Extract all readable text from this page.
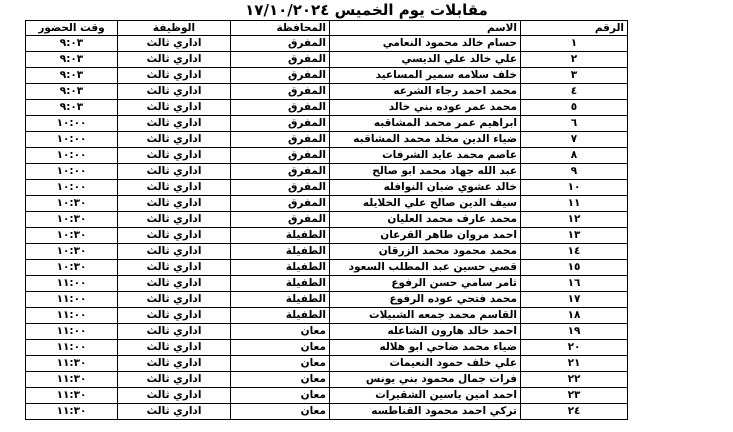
مقابلات يوم الخميس ١٧/١٠/٢٠٢٤
الرقم	الاسم	المحافظة	الوظيفة	وقت الحضور
١	حسام خالد محمود النعامي	المفرق	اداري ثالث	٩:٠٣
٢	علي خالد علي الديسي	المفرق	اداري ثالث	٩:٠٣
٣	خلف سلامه سمير المساعيد	المفرق	اداري ثالث	٩:٠٣
٤	محمد احمد رجاء الشرعه	المفرق	اداري ثالث	٩:٠٣
٥	محمد عمر عوده بني خالد	المفرق	اداري ثالث	٩:٠٣
٦	ابراهيم عمر محمد المشاقبه	المفرق	اداري ثالث	١٠:٠٠
٧	ضياء الدين مخلد محمد المشاقبه	المفرق	اداري ثالث	١٠:٠٠
٨	عاصم محمد عايد الشرفات	المفرق	اداري ثالث	١٠:٠٠
٩	عبد الله جهاد محمد ابو صالح	المفرق	اداري ثالث	١٠:٠٠
١٠	خالد عشوي ضبان النوافله	المفرق	اداري ثالث	١٠:٠٠
١١	سيف الدين صالح علي الخلايله	المفرق	اداري ثالث	١٠:٣٠
١٢	محمد عارف محمد العليان	المفرق	اداري ثالث	١٠:٣٠
١٣	احمد مروان طاهر القرعان	الطفيلة	اداري ثالث	١٠:٣٠
١٤	محمد محمود محمد الزرقان	الطفيلة	اداري ثالث	١٠:٣٠
١٥	قصي حسين عبد المطلب السعود	الطفيلة	اداري ثالث	١٠:٣٠
١٦	ثامر سامي حسن الرفوع	الطفيلة	اداري ثالث	١١:٠٠
١٧	محمد فتحي عوده الرفوع	الطفيلة	اداري ثالث	١١:٠٠
١٨	القاسم محمد جمعه الشبيلات	الطفيلة	اداري ثالث	١١:٠٠
١٩	احمد خالد هارون الشاعله	معان	اداري ثالث	١١:٠٠
٢٠	ضياء محمد ضاحي ابو هلاله	معان	اداري ثالث	١١:٠٠
٢١	علي خلف حمود النعيمات	معان	اداري ثالث	١١:٣٠
٢٢	فرات جمال محمود بني يونس	معان	اداري ثالث	١١:٣٠
٢٣	احمد امين ياسين الشقيرات	معان	اداري ثالث	١١:٣٠
٢٤	تركي احمد محمود القناطسه	معان	اداري ثالث	١١:٣٠
